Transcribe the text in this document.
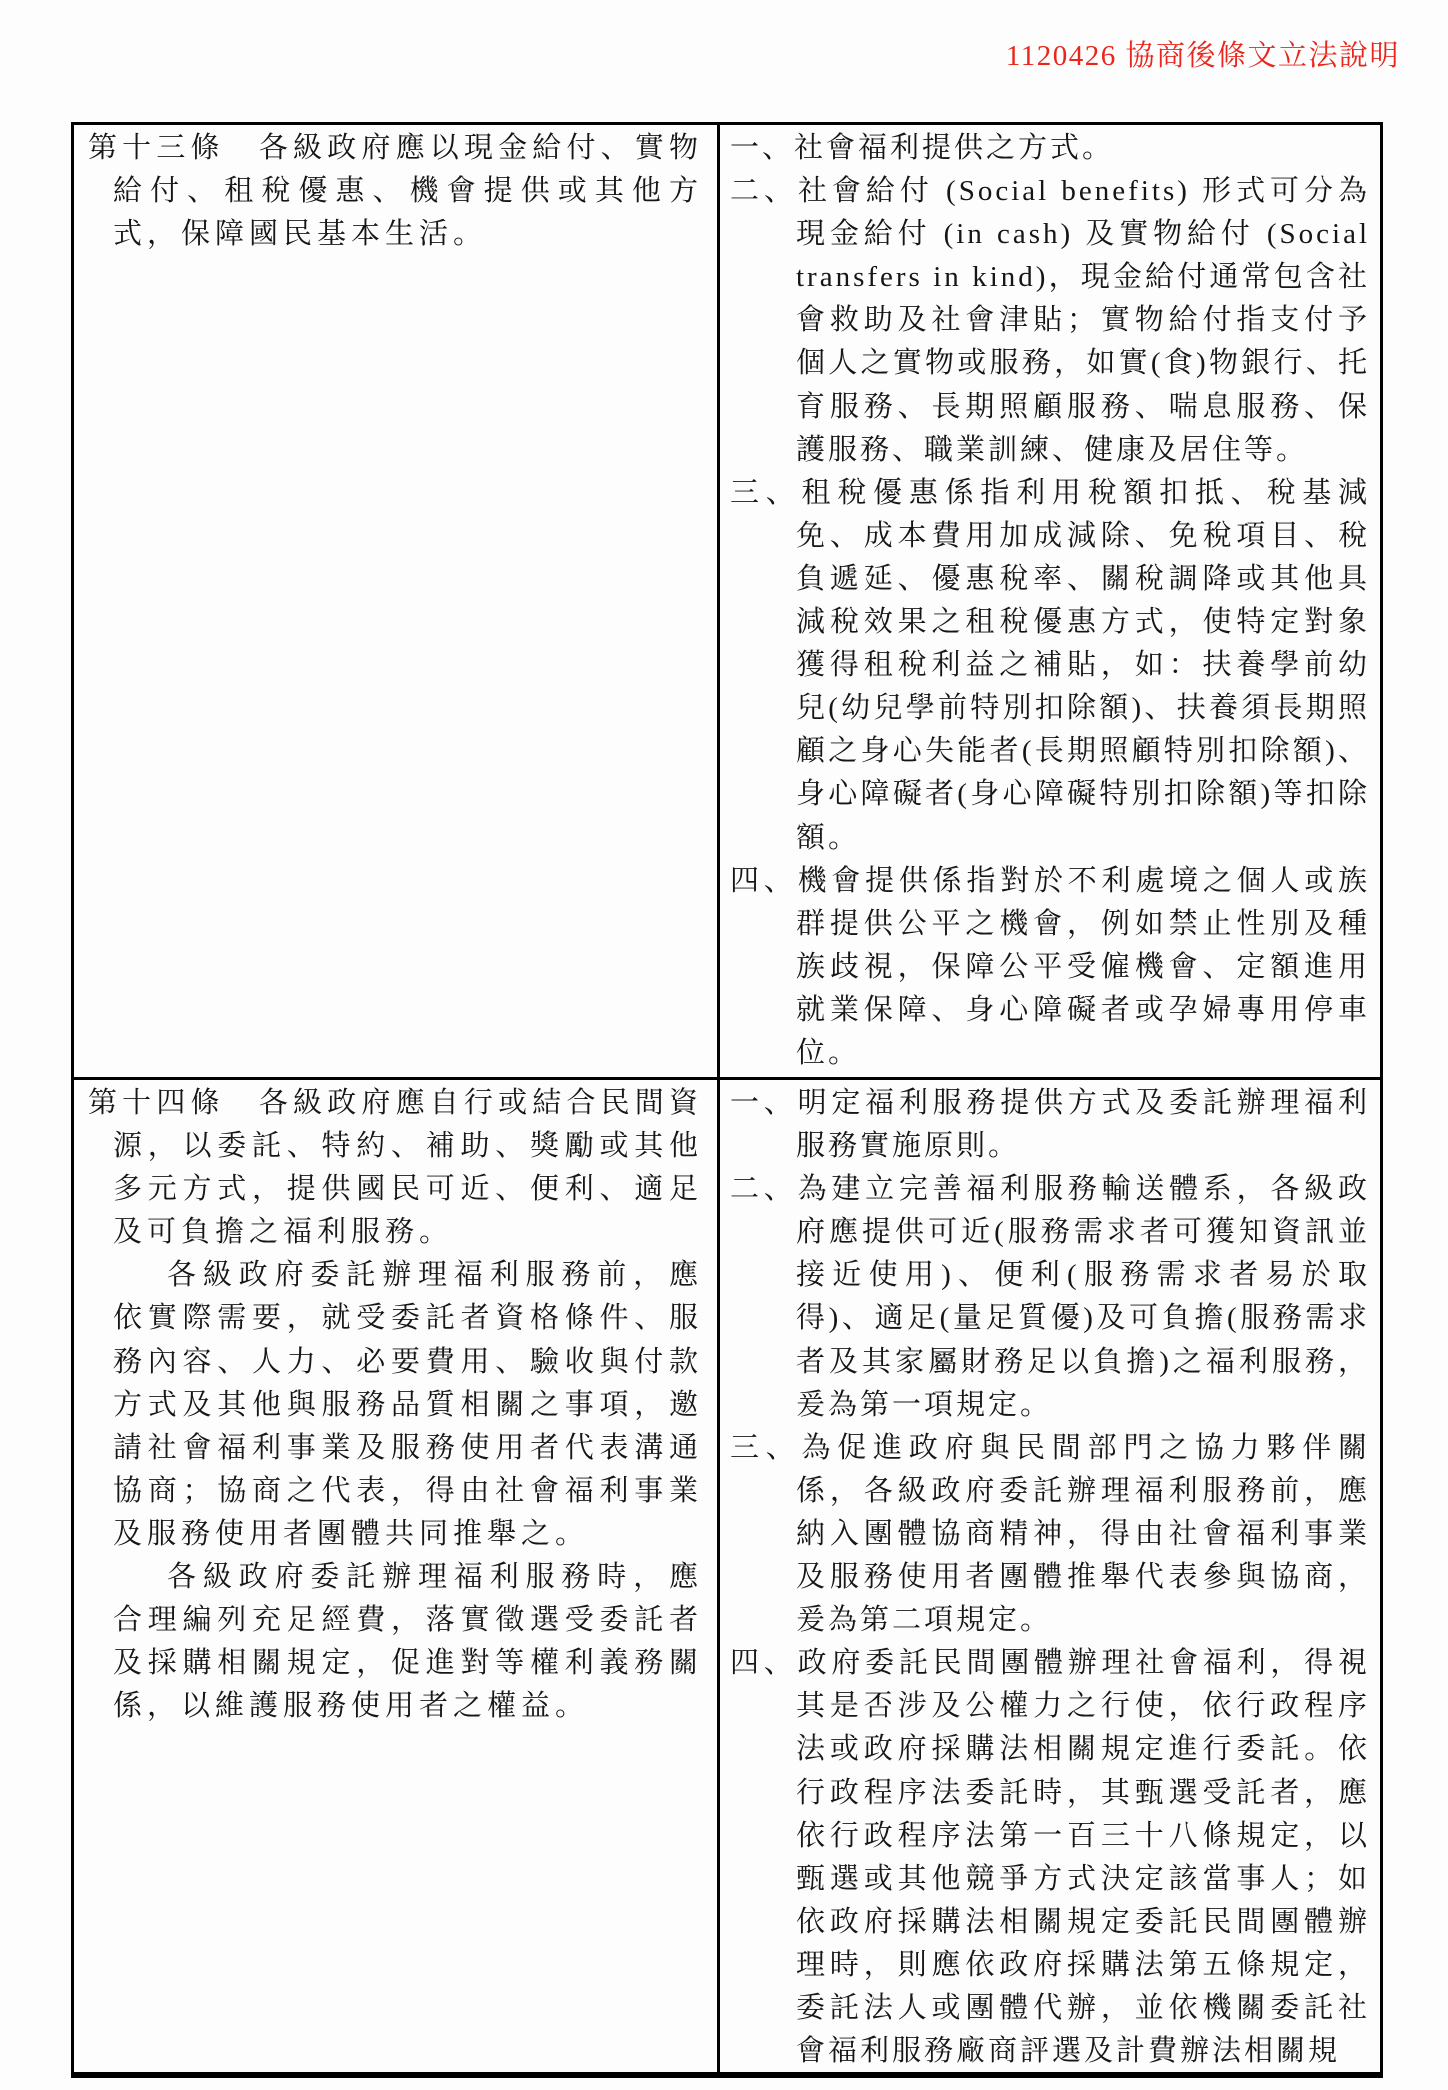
1120426 協商後條文立法說明

第十三條　各級政府應以現金給付、實物給付、租稅優惠、機會提供或其他方式，保障國民基本生活。

一、社會福利提供之方式。

二、社會給付 (Social benefits) 形式可分為現金給付 (in cash) 及實物給付 (Social transfers in kind)，現金給付通常包含社會救助及社會津貼；實物給付指支付予個人之實物或服務，如實(食)物銀行、托育服務、長期照顧服務、喘息服務、保護服務、職業訓練、健康及居住等。

三、租稅優惠係指利用稅額扣抵、稅基減免、成本費用加成減除、免稅項目、稅負遞延、優惠稅率、關稅調降或其他具減稅效果之租稅優惠方式，使特定對象獲得租稅利益之補貼，如：扶養學前幼兒(幼兒學前特別扣除額)、扶養須長期照顧之身心失能者(長期照顧特別扣除額)、身心障礙者(身心障礙特別扣除額)等扣除額。

四、機會提供係指對於不利處境之個人或族群提供公平之機會，例如禁止性別及種族歧視，保障公平受僱機會、定額進用就業保障、身心障礙者或孕婦專用停車位。

第十四條　各級政府應自行或結合民間資源，以委託、特約、補助、獎勵或其他多元方式，提供國民可近、便利、適足及可負擔之福利服務。

各級政府委託辦理福利服務前，應依實際需要，就受委託者資格條件、服務內容、人力、必要費用、驗收與付款方式及其他與服務品質相關之事項，邀請社會福利事業及服務使用者代表溝通協商；協商之代表，得由社會福利事業及服務使用者團體共同推舉之。

各級政府委託辦理福利服務時，應合理編列充足經費，落實徵選受委託者及採購相關規定，促進對等權利義務關係，以維護服務使用者之權益。

一、明定福利服務提供方式及委託辦理福利服務實施原則。

二、為建立完善福利服務輸送體系，各級政府應提供可近(服務需求者可獲知資訊並接近使用)、便利(服務需求者易於取得)、適足(量足質優)及可負擔(服務需求者及其家屬財務足以負擔)之福利服務，爰為第一項規定。

三、為促進政府與民間部門之協力夥伴關係，各級政府委託辦理福利服務前，應納入團體協商精神，得由社會福利事業及服務使用者團體推舉代表參與協商，爰為第二項規定。

四、政府委託民間團體辦理社會福利，得視其是否涉及公權力之行使，依行政程序法或政府採購法相關規定進行委託。依行政程序法委託時，其甄選受託者，應依行政程序法第一百三十八條規定，以甄選或其他競爭方式決定該當事人；如依政府採購法相關規定委託民間團體辦理時，則應依政府採購法第五條規定，委託法人或團體代辦，並依機關委託社會福利服務廠商評選及計費辦法相關規
